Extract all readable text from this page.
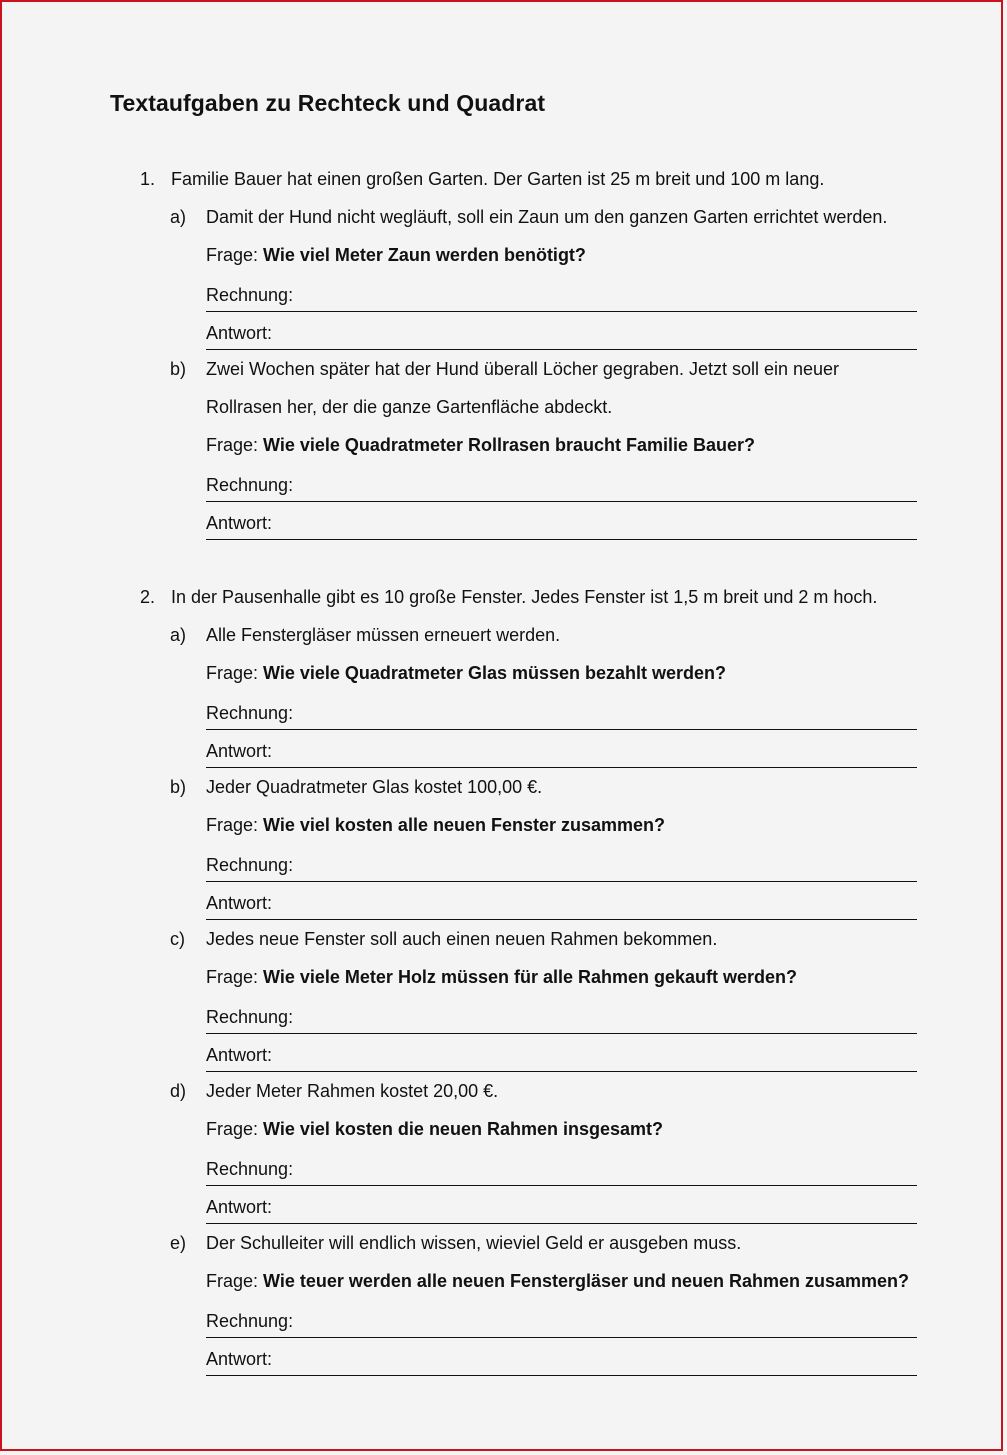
Textaufgaben zu Rechteck und Quadrat
1. Familie Bauer hat einen großen Garten. Der Garten ist 25 m breit und 100 m lang.
a) Damit der Hund nicht wegläuft, soll ein Zaun um den ganzen Garten errichtet werden.
Frage: Wie viel Meter Zaun werden benötigt?
Rechnung:
Antwort:
b) Zwei Wochen später hat der Hund überall Löcher gegraben. Jetzt soll ein neuer
Rollrasen her, der die ganze Gartenfläche abdeckt.
Frage: Wie viele Quadratmeter Rollrasen braucht Familie Bauer?
Rechnung:
Antwort:
2. In der Pausenhalle gibt es 10 große Fenster. Jedes Fenster ist 1,5 m breit und 2 m hoch.
a) Alle Fenstergläser müssen erneuert werden.
Frage: Wie viele Quadratmeter Glas müssen bezahlt werden?
Rechnung:
Antwort:
b) Jeder Quadratmeter Glas kostet 100,00 €.
Frage: Wie viel kosten alle neuen Fenster zusammen?
Rechnung:
Antwort:
c) Jedes neue Fenster soll auch einen neuen Rahmen bekommen.
Frage: Wie viele Meter Holz müssen für alle Rahmen gekauft werden?
Rechnung:
Antwort:
d) Jeder Meter Rahmen kostet 20,00 €.
Frage: Wie viel kosten die neuen Rahmen insgesamt?
Rechnung:
Antwort:
e) Der Schulleiter will endlich wissen, wieviel Geld er ausgeben muss.
Frage: Wie teuer werden alle neuen Fenstergläser und neuen Rahmen zusammen?
Rechnung:
Antwort:
